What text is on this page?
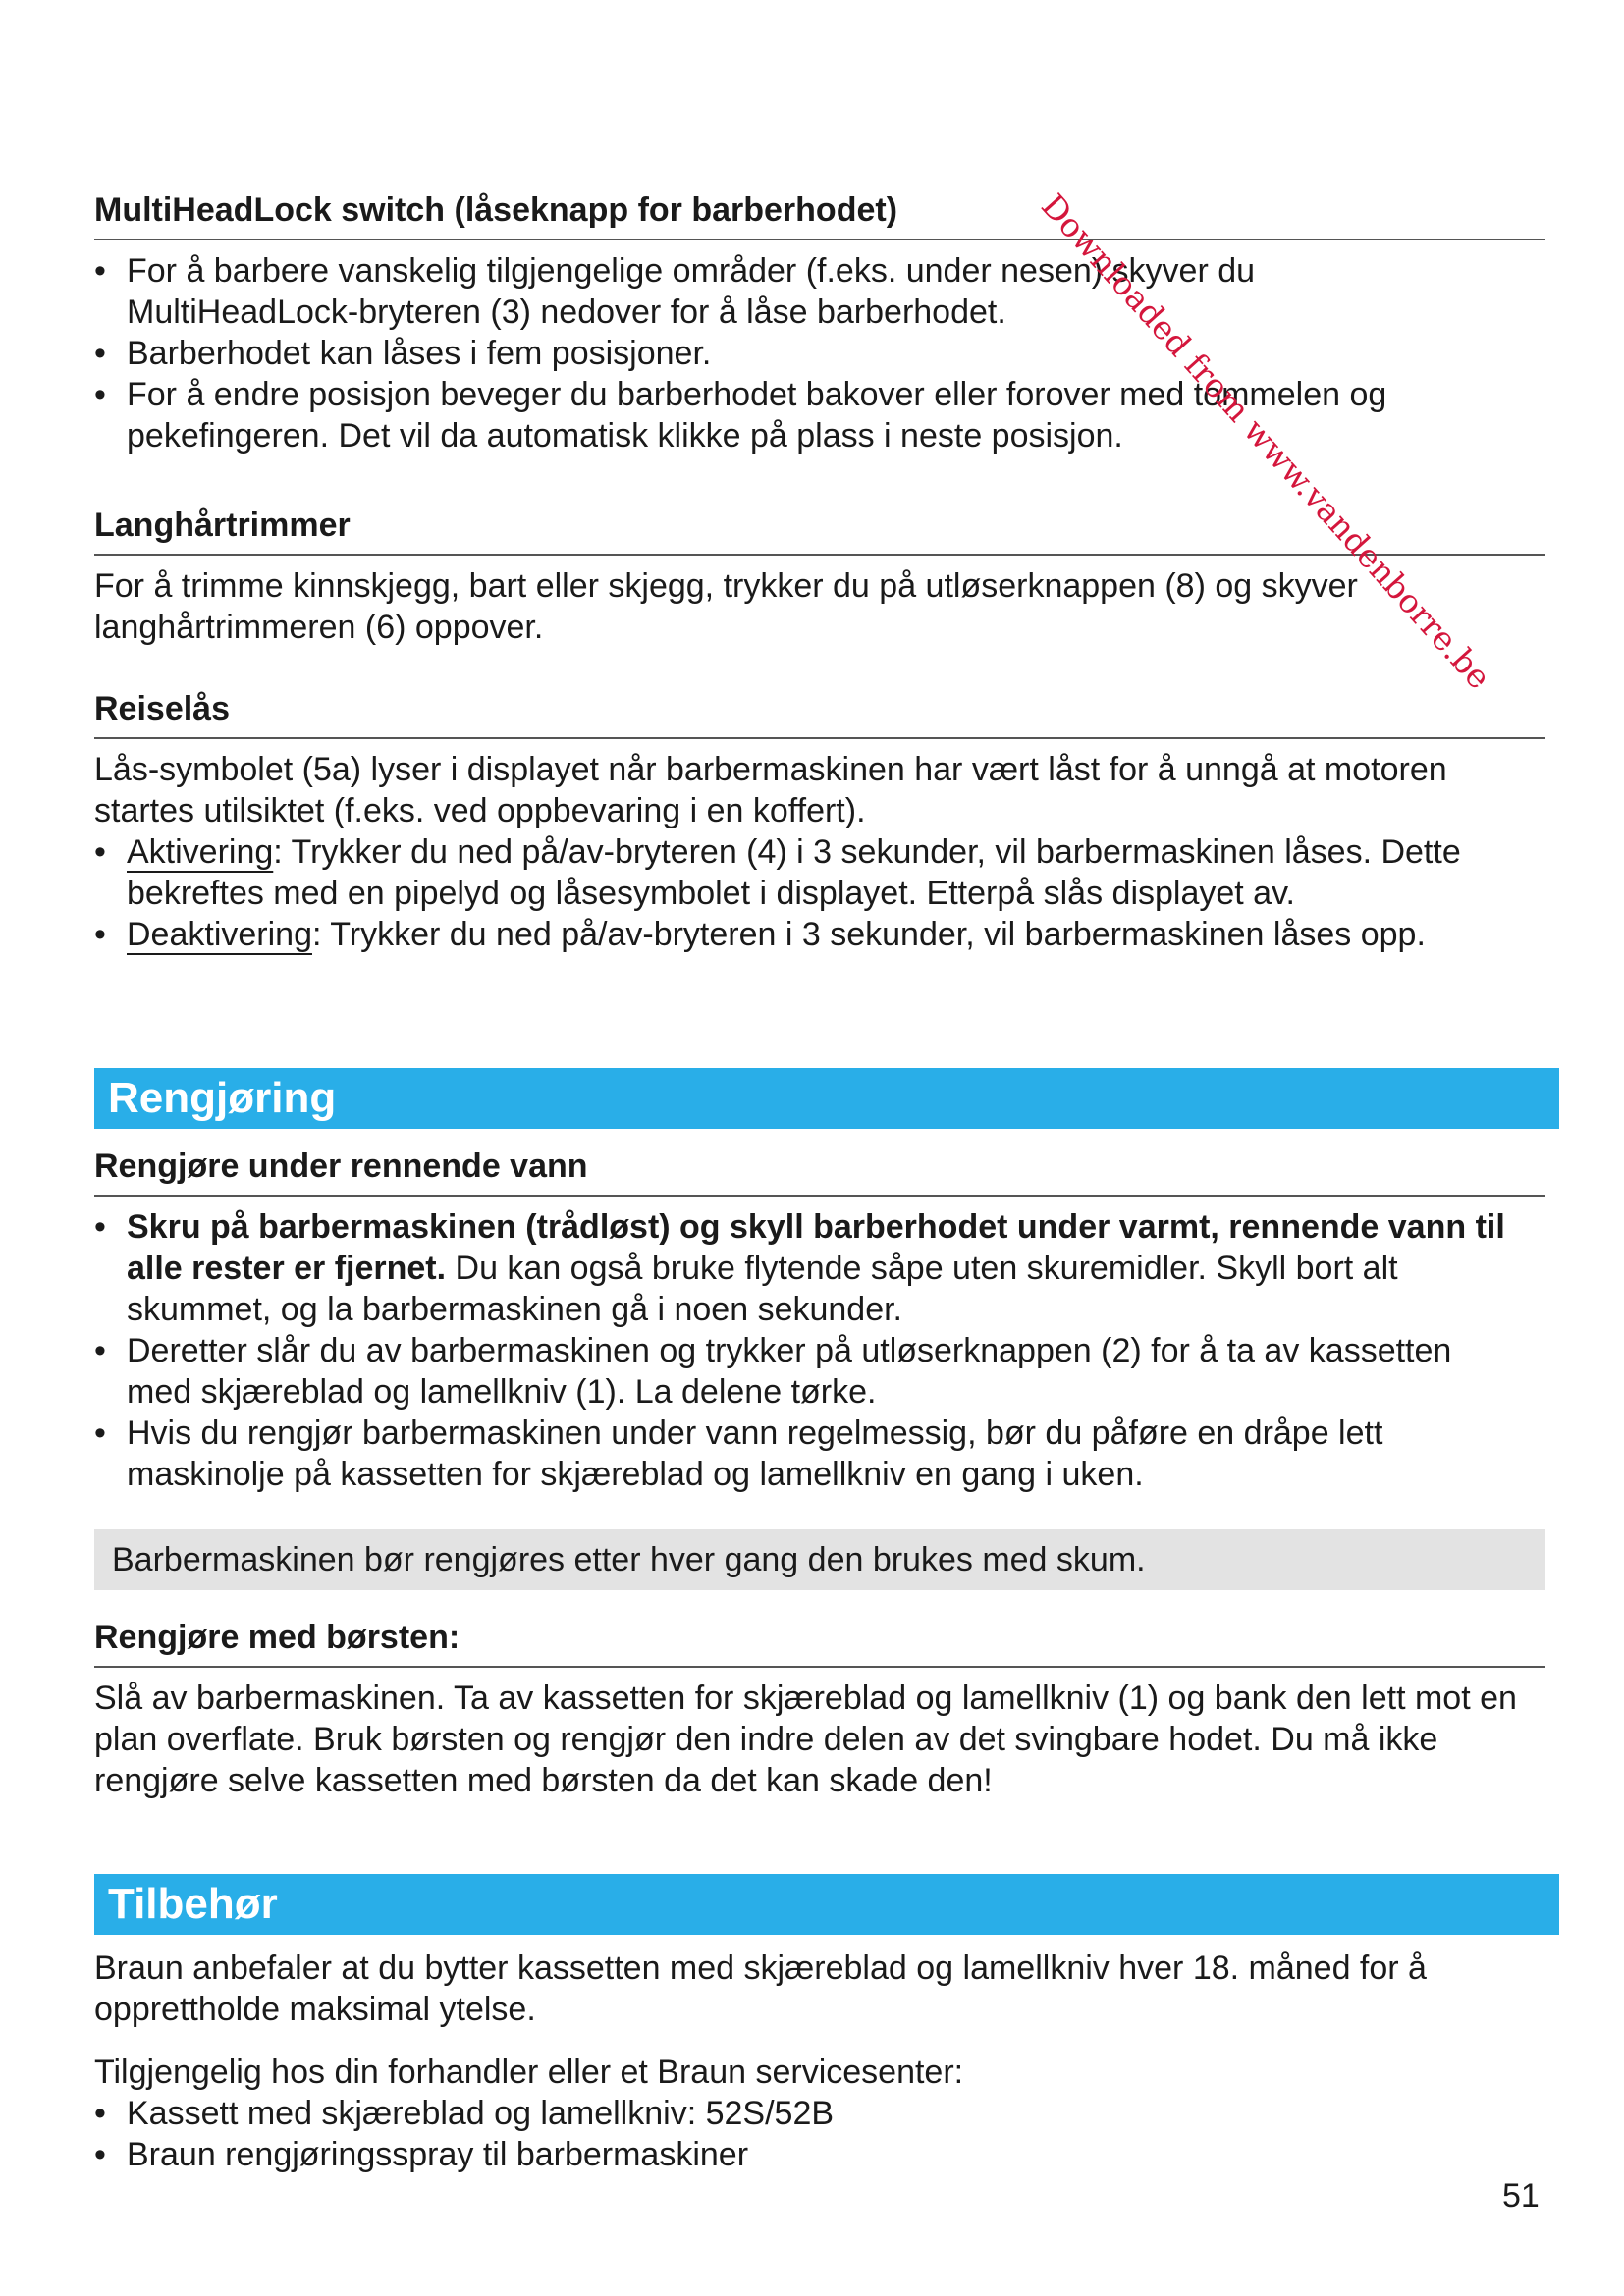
MultiHeadLock switch (låseknapp for barberhodet)
• For å barbere vanskelig tilgjengelige områder (f.eks. under nesen) skyver du MultiHeadLock-bryteren (3) nedover for å låse barberhodet.
• Barberhodet kan låses i fem posisjoner.
• For å endre posisjon beveger du barberhodet bakover eller forover med tommelen og pekefingeren. Det vil da automatisk klikke på plass i neste posisjon.
Langhårtrimmer

For å trimme kinnskjegg, bart eller skjegg, trykker du på utløserknappen (8) og skyver langhårtrimmeren (6) oppover.

Reiselås

Lås-symbolet (5a) lyser i displayet når barbermaskinen har vært låst for å unngå at motoren startes utilsiktet (f.eks. ved oppbevaring i en koffert).

• Aktivering: Trykker du ned på/av-bryteren (4) i 3 sekunder, vil barbermaskinen låses. Dette bekreftes med en pipelyd og låsesymbolet i displayet. Etterpå slås displayet av.
• Deaktivering: Trykker du ned på/av-bryteren i 3 sekunder, vil barbermaskinen låses opp.
Rengjøring
Rengjøre under rennende vann
• Skru på barbermaskinen (trådløst) og skyll barberhodet under varmt, rennende vann til alle rester er fjernet. Du kan også bruke flytende såpe uten skuremidler. Skyll bort alt skummet, og la barbermaskinen gå i noen sekunder.
• Deretter slår du av barbermaskinen og trykker på utløserknappen (2) for å ta av kassetten med skjæreblad og lamellkniv (1). La delene tørke.
• Hvis du rengjør barbermaskinen under vann regelmessig, bør du påføre en dråpe lett maskinolje på kassetten for skjæreblad og lamellkniv en gang i uken.
Barbermaskinen bør rengjøres etter hver gang den brukes med skum.
Rengjøre med børsten:

Slå av barbermaskinen. Ta av kassetten for skjæreblad og lamellkniv (1) og bank den lett mot en plan overflate. Bruk børsten og rengjør den indre delen av det svingbare hodet. Du må ikke rengjøre selve kassetten med børsten da det kan skade den!

Tilbehør

Braun anbefaler at du bytter kassetten med skjæreblad og lamellkniv hver 18. måned for å opprettholde maksimal ytelse.

Tilgjengelig hos din forhandler eller et Braun servicesenter:

• Kassett med skjæreblad og lamellkniv: 52S/52B
• Braun rengjøringsspray til barbermaskiner
Downloaded from www.vandenborre.be
51
